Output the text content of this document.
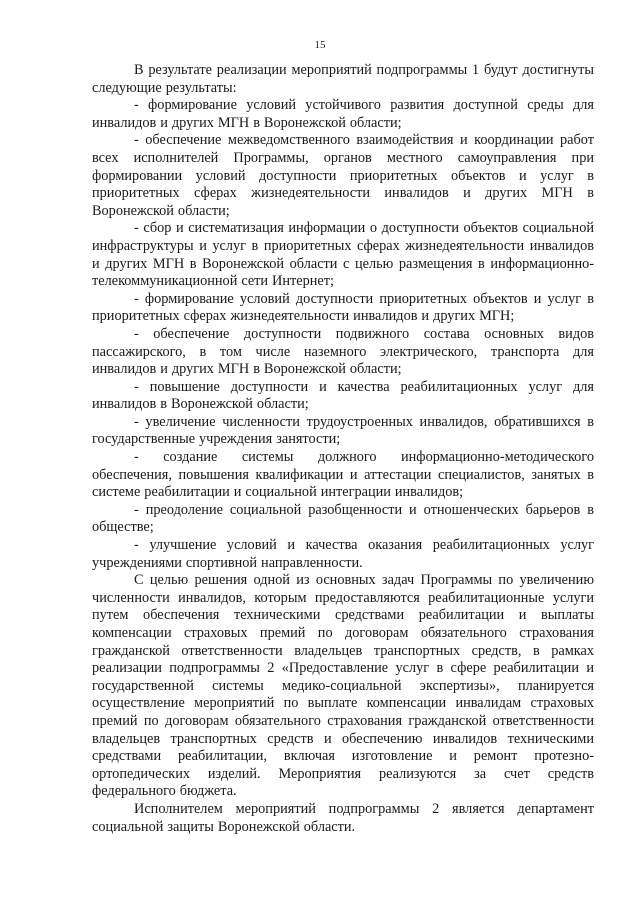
15

В результате реализации мероприятий подпрограммы 1 будут достигнуты следующие результаты:

- формирование условий устойчивого развития доступной среды для инвалидов и других МГН в Воронежской области;

- обеспечение межведомственного взаимодействия и координации работ всех исполнителей Программы, органов местного самоуправления при формировании условий доступности приоритетных объектов и услуг в приоритетных сферах жизнедеятельности инвалидов и других МГН в Воронежской области;

- сбор и систематизация информации о доступности объектов социальной инфраструктуры и услуг в приоритетных сферах жизнедеятельности инвалидов и других МГН в Воронежской области с целью размещения в информационно-телекоммуникационной сети Интернет;

- формирование условий доступности приоритетных объектов и услуг в приоритетных сферах жизнедеятельности инвалидов и других МГН;

- обеспечение доступности подвижного состава основных видов пассажирского, в том числе наземного электрического, транспорта для инвалидов и других МГН в Воронежской области;

- повышение доступности и качества реабилитационных услуг для инвалидов в Воронежской области;

- увеличение численности трудоустроенных инвалидов, обратившихся в государственные учреждения занятости;

- создание системы должного информационно-методического обеспечения, повышения квалификации и аттестации специалистов, занятых в системе реабилитации и социальной интеграции инвалидов;

- преодоление социальной разобщенности и отношенческих барьеров в обществе;

- улучшение условий и качества оказания реабилитационных услуг учреждениями спортивной направленности.

С целью решения одной из основных задач Программы по увеличению численности инвалидов, которым предоставляются реабилитационные услуги путем обеспечения техническими средствами реабилитации и выплаты компенсации страховых премий по договорам обязательного страхования гражданской ответственности владельцев транспортных средств, в рамках реализации подпрограммы 2 «Предоставление услуг в сфере реабилитации и государственной системы медико-социальной экспертизы», планируется осуществление мероприятий по выплате компенсации инвалидам страховых премий по договорам обязательного страхования гражданской ответственности владельцев транспортных средств и обеспечению инвалидов техническими средствами реабилитации, включая изготовление и ремонт протезно-ортопедических изделий. Мероприятия реализуются за счет средств федерального бюджета.

Исполнителем мероприятий подпрограммы 2 является департамент социальной защиты Воронежской области.
